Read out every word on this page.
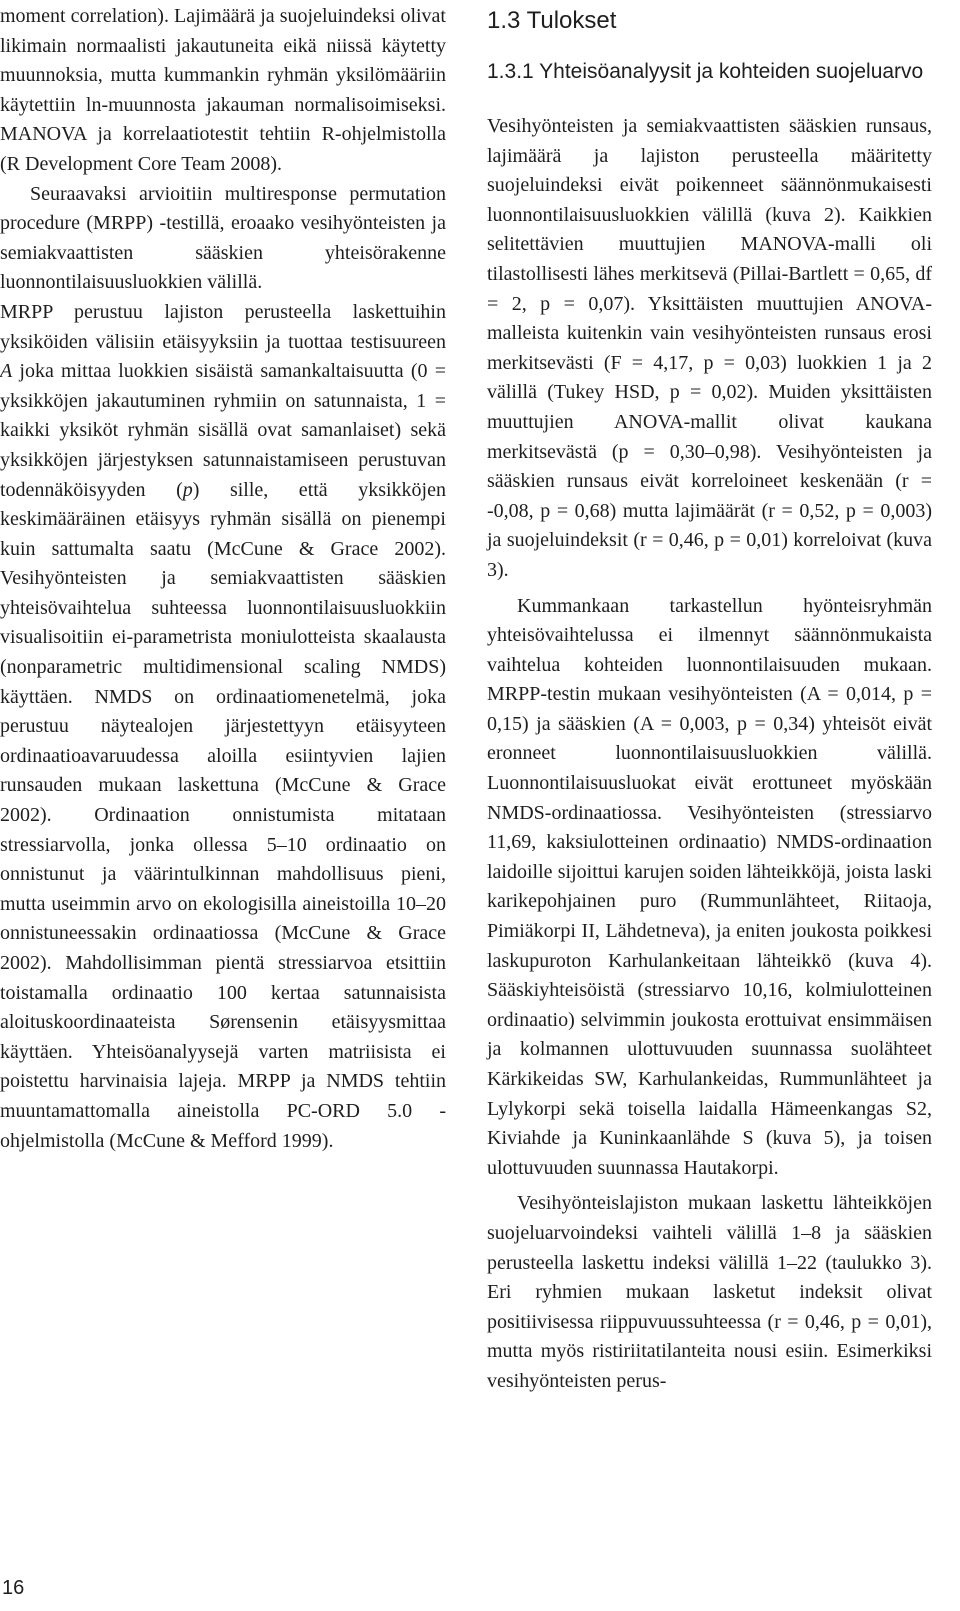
moment correlation). Lajimäärä ja suojeluindeksi olivat likimain normaalisti jakautuneita eikä niissä käytetty muunnoksia, mutta kummankin ryhmän yksilömääriin käytettiin ln-muunnosta jakauman normalisoimiseksi. MANOVA ja korrelaatiotestit tehtiin R-ohjelmistolla (R Development Core Team 2008).

Seuraavaksi arvioitiin multiresponse permutation procedure (MRPP) -testillä, eroaako vesihyönteisten ja semiakvaattisten sääskien yhteisörakenne luonnontilaisuusluokkien välillä.

MRPP perustuu lajiston perusteella laskettuihin yksiköiden välisiin etäisyyksiin ja tuottaa testisuureen A joka mittaa luokkien sisäistä samankaltaisuutta (0 = yksikköjen jakautuminen ryhmiin on satunnaista, 1 = kaikki yksiköt ryhmän sisällä ovat samanlaiset) sekä yksikköjen järjestyksen satunnaistamiseen perustuvan todennäköisyyden (p) sille, että yksikköjen keskimääräinen etäisyys ryhmän sisällä on pienempi kuin sattumalta saatu (McCune & Grace 2002). Vesihyönteisten ja semiakvaattisten sääskien yhteisövaihtelua suhteessa luonnontilaisuusluokkiin visualisoitiin ei-parametrista moniulotteista skaalausta (nonparametric multidimensional scaling NMDS) käyttäen. NMDS on ordinaatiomenetelmä, joka perustuu näytealojen järjestettyyn etäisyyteen ordinaatioavaruudessa aloilla esiintyvien lajien runsauden mukaan laskettuna (McCune & Grace 2002). Ordinaation onnistumista mitataan stressiarvolla, jonka ollessa 5–10 ordinaatio on onnistunut ja väärintulkinnan mahdollisuus pieni, mutta useimmin arvo on ekologisilla aineistoilla 10–20 onnistuneessakin ordinaatiossa (McCune & Grace 2002). Mahdollisimman pientä stressiarvoa etsittiin toistamalla ordinaatio 100 kertaa satunnaisista aloituskoordinaateista Sørensenin etäisyysmittaa käyttäen. Yhteisöanalyysejä varten matriisista ei poistettu harvinaisia lajeja. MRPP ja NMDS tehtiin muuntamattomalla aineistolla PC-ORD 5.0 -ohjelmistolla (McCune & Mefford 1999).

1.3 Tulokset
1.3.1 Yhteisöanalyysit ja kohteiden suojeluarvo

Vesihyönteisten ja semiakvaattisten sääskien runsaus, lajimäärä ja lajiston perusteella määritetty suojeluindeksi eivät poikenneet säännönmukaisesti luonnontilaisuusluokkien välillä (kuva 2). Kaikkien selitettävien muuttujien MANOVA-malli oli tilastollisesti lähes merkitsevä (Pillai-Bartlett = 0,65, df = 2, p = 0,07). Yksittäisten muuttujien ANOVA-malleista kuitenkin vain vesihyönteisten runsaus erosi merkitsevästi (F = 4,17, p = 0,03) luokkien 1 ja 2 välillä (Tukey HSD, p = 0,02). Muiden yksittäisten muuttujien ANOVA-mallit olivat kaukana merkitsevästä (p = 0,30–0,98). Vesihyönteisten ja sääskien runsaus eivät korreloineet keskenään (r = -0,08, p = 0,68) mutta lajimäärät (r = 0,52, p = 0,003) ja suojeluindeksit (r = 0,46, p = 0,01) korreloivat (kuva 3).

Kummankaan tarkastellun hyönteisryhmän yhteisövaihtelussa ei ilmennyt säännönmukaista vaihtelua kohteiden luonnontilaisuuden mukaan. MRPP-testin mukaan vesihyönteisten (A = 0,014, p = 0,15) ja sääskien (A = 0,003, p = 0,34) yhteisöt eivät eronneet luonnontilaisuusluokkien välillä. Luonnontilaisuusluokat eivät erottuneet myöskään NMDS-ordinaatiossa. Vesihyönteisten (stressiarvo 11,69, kaksiulotteinen ordinaatio) NMDS-ordinaation laidoille sijoittui karujen soiden lähteikköjä, joista laski karikepohjainen puro (Rummunlähteet, Riitaoja, Pimiäkorpi II, Lähdetneva), ja eniten joukosta poikkesi laskupuroton Karhulankeitaan lähteikkö (kuva 4). Sääskiyhteisöistä (stressiarvo 10,16, kolmiulotteinen ordinaatio) selvimmin joukosta erottuivat ensimmäisen ja kolmannen ulottuvuuden suunnassa suolähteet Kärkikeidas SW, Karhulankeidas, Rummunlähteet ja Lylykorpi sekä toisella laidalla Hämeenkangas S2, Kiviahde ja Kuninkaanlähde S (kuva 5), ja toisen ulottuvuuden suunnassa Hautakorpi.

Vesihyönteislajiston mukaan laskettu lähteikköjen suojeluarvoindeksi vaihteli välillä 1–8 ja sääskien perusteella laskettu indeksi välillä 1–22 (taulukko 3). Eri ryhmien mukaan lasketut indeksit olivat positiivisessa riippuvuussuhteessa (r = 0,46, p = 0,01), mutta myös ristiriitatilanteita nousi esiin. Esimerkiksi vesihyönteisten perus-

16
